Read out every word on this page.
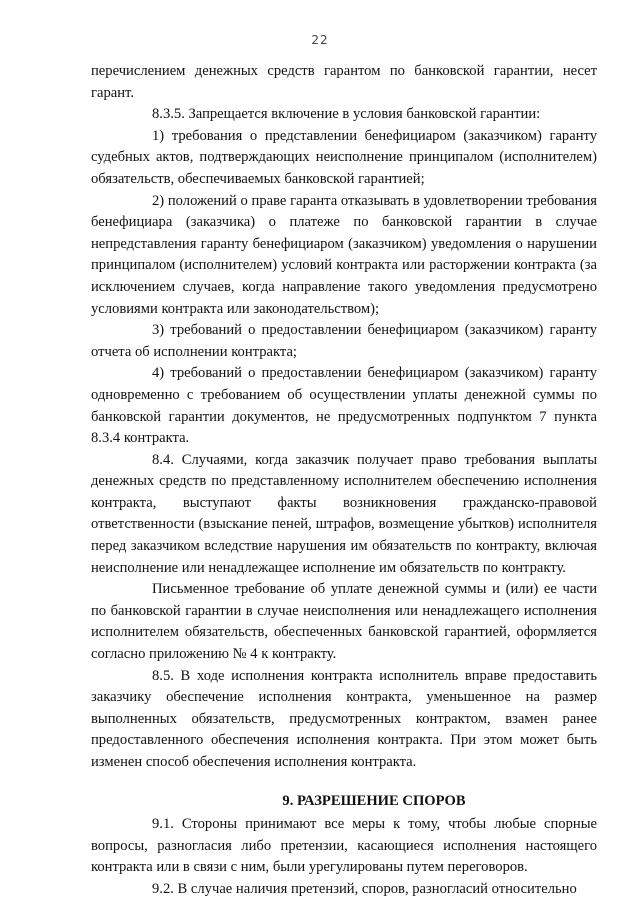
22

перечислением денежных средств гарантом по банковской гарантии, несет гарант.

8.3.5. Запрещается включение в условия банковской гарантии:

1) требования о представлении бенефициаром (заказчиком) гаранту судебных актов, подтверждающих неисполнение принципалом (исполнителем) обязательств, обеспечиваемых банковской гарантией;

2) положений о праве гаранта отказывать в удовлетворении требования бенефициара (заказчика) о платеже по банковской гарантии в случае непредставления гаранту бенефициаром (заказчиком) уведомления о нарушении принципалом (исполнителем) условий контракта или расторжении контракта (за исключением случаев, когда направление такого уведомления предусмотрено условиями контракта или законодательством);

3) требований о предоставлении бенефициаром (заказчиком) гаранту отчета об исполнении контракта;

4) требований о предоставлении бенефициаром (заказчиком) гаранту одновременно с требованием об осуществлении уплаты денежной суммы по банковской гарантии документов, не предусмотренных подпунктом 7 пункта 8.3.4 контракта.

8.4. Случаями, когда заказчик получает право требования выплаты денежных средств по представленному исполнителем обеспечению исполнения контракта, выступают факты возникновения гражданско-правовой ответственности (взыскание пеней, штрафов, возмещение убытков) исполнителя перед заказчиком вследствие нарушения им обязательств по контракту, включая неисполнение или ненадлежащее исполнение им обязательств по контракту.

Письменное требование об уплате денежной суммы и (или) ее части по банковской гарантии в случае неисполнения или ненадлежащего исполнения исполнителем обязательств, обеспеченных банковской гарантией, оформляется согласно приложению № 4 к контракту.

8.5. В ходе исполнения контракта исполнитель вправе предоставить заказчику обеспечение исполнения контракта, уменьшенное на размер выполненных обязательств, предусмотренных контрактом, взамен ранее предоставленного обеспечения исполнения контракта. При этом может быть изменен способ обеспечения исполнения контракта.

9. РАЗРЕШЕНИЕ СПОРОВ

9.1. Стороны принимают все меры к тому, чтобы любые спорные вопросы, разногласия либо претензии, касающиеся исполнения настоящего контракта или в связи с ним, были урегулированы путем переговоров.

9.2. В случае наличия претензий, споров, разногласий относительно
